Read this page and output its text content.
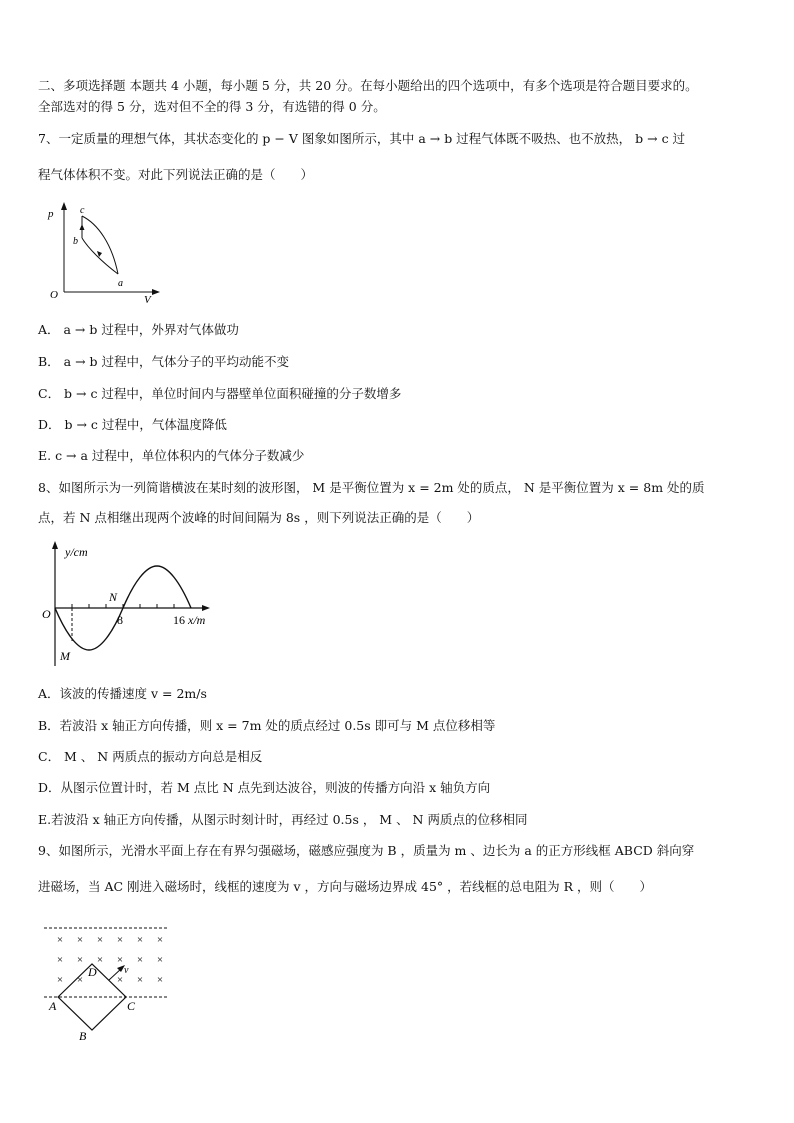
二、多项选择题 本题共 4 小题，每小题 5 分，共 20 分。在每小题给出的四个选项中，有多个选项是符合题目要求的。
全部选对的得 5 分，选对但不全的得 3 分，有选错的得 0 分。
7、一定质量的理想气体，其状态变化的 p − V 图象如图所示，其中 a → b 过程气体既不吸热、也不放热， b → c 过
程气体体积不变。对此下列说法正确的是（　　）
p
V
O
c
b
a
A． a → b 过程中，外界对气体做功
B． a → b 过程中，气体分子的平均动能不变
C． b → c 过程中，单位时间内与器壁单位面积碰撞的分子数增多
D． b → c 过程中，气体温度降低
E. c → a 过程中，单位体积内的气体分子数减少
8、如图所示为一列简谐横波在某时刻的波形图， M 是平衡位置为 x = 2m 处的质点， N 是平衡位置为 x = 8m 处的质
点，若 N 点相继出现两个波峰的时间间隔为 8s ，则下列说法正确的是（　　）
y/cm
O
M
N
8	16 x/m
A．该波的传播速度 v = 2m/s
B．若波沿 x 轴正方向传播，则 x = 7m 处的质点经过 0.5s 即可与 M 点位移相等
C． M 、 N 两质点的振动方向总是相反
D．从图示位置计时，若 M 点比 N 点先到达波谷，则波的传播方向沿 x 轴负方向
E.若波沿 x 轴正方向传播，从图示时刻计时，再经过 0.5s ， M 、 N 两质点的位移相同
9、如图所示，光滑水平面上存在有界匀强磁场，磁感应强度为 B ，质量为 m 、边长为 a 的正方形线框 ABCD 斜向穿
进磁场，当 AC 刚进入磁场时，线框的速度为 v ，方向与磁场边界成 45° ，若线框的总电阻为 R ，则（　　）
× × × × × ×
× × × × × ×
× ×	× × ×
A
B
C
D	v
